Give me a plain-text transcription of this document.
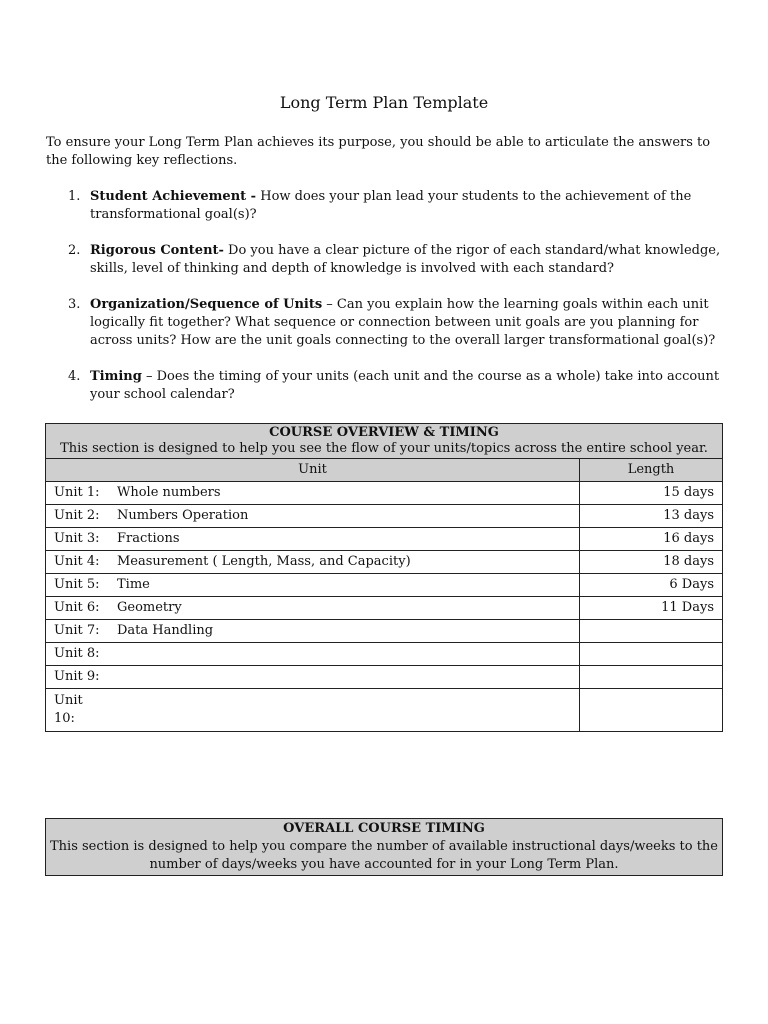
Long Term Plan Template
To ensure your Long Term Plan achieves its purpose, you should be able to articulate the answers to the following key reflections.
1. Student Achievement - How does your plan lead your students to the achievement of the transformational goal(s)?
2. Rigorous Content- Do you have a clear picture of the rigor of each standard/what knowledge, skills, level of thinking and depth of knowledge is involved with each standard?
3. Organization/Sequence of Units – Can you explain how the learning goals within each unit logically fit together? What sequence or connection between unit goals are you planning for across units? How are the unit goals connecting to the overall larger transformational goal(s)?
4. Timing – Does the timing of your units (each unit and the course as a whole) take into account your school calendar?
COURSE OVERVIEW & TIMING
This section is designed to help you see the flow of your units/topics across the entire school year.	
Unit	Length
Unit 1: Whole numbers	15 days
Unit 2: Numbers Operation	13 days
Unit 3: Fractions	16 days
Unit 4: Measurement ( Length, Mass, and Capacity)	18 days
Unit 5: Time	6 Days
Unit 6: Geometry	11 Days
Unit 7: Data Handling	
Unit 8:	
Unit 9:	
Unit 10:	
OVERALL COURSE TIMING
This section is designed to help you compare the number of available instructional days/weeks to the number of days/weeks you have accounted for in your Long Term Plan.
